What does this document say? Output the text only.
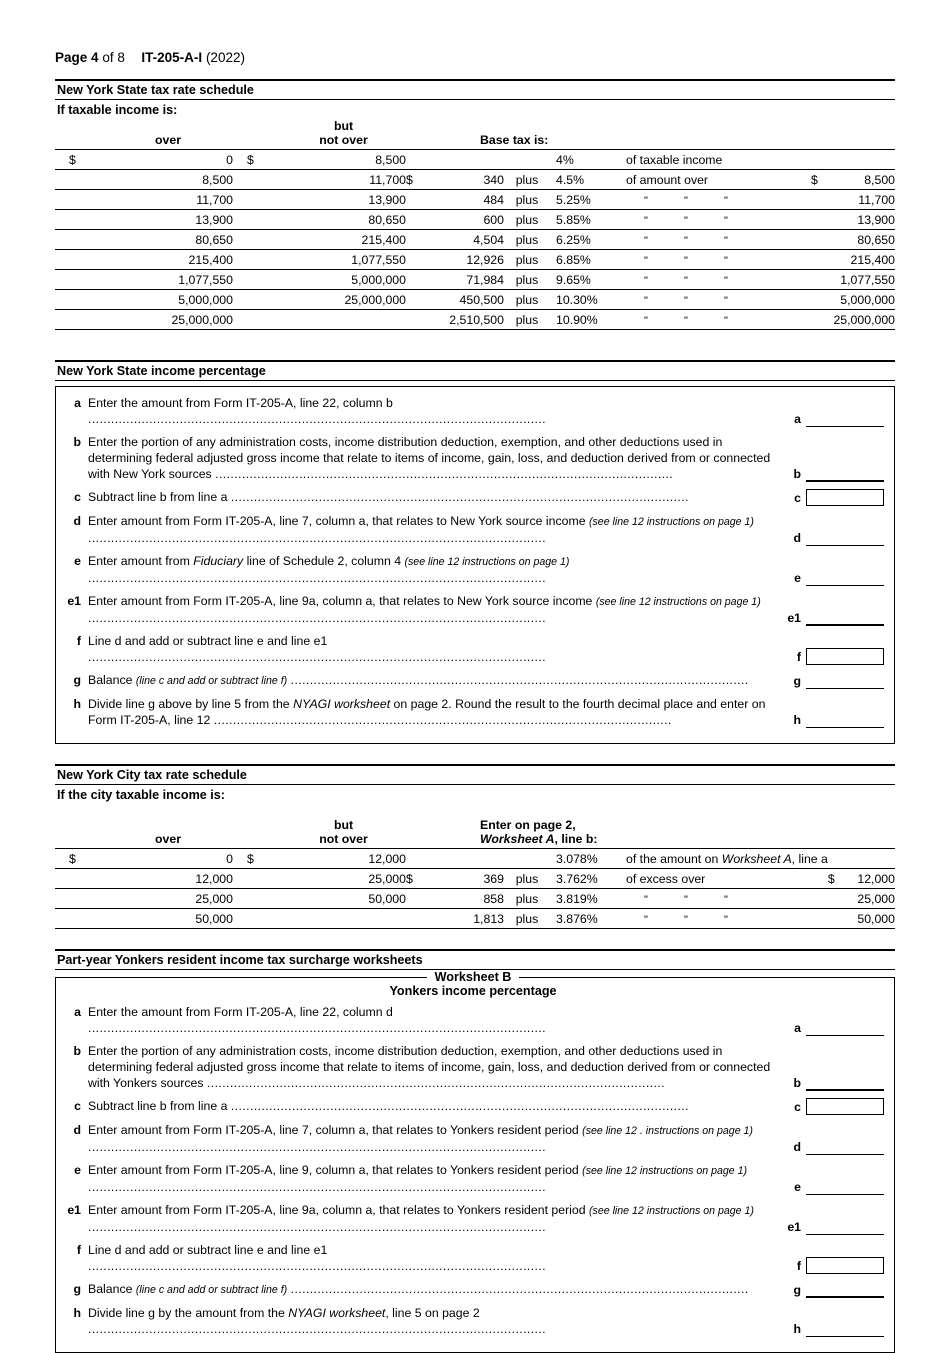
Page 4 of 8 IT-205-A-I (2022)
New York State tax rate schedule
If taxable income is:

	over		but
not over	Base tax is:						

$	0	$	8,500				4%	of taxable income		
	8,500		11,700	$	340	plus	4.5%	of amount over	$	8,500
	11,700		13,900		484	plus	5.25%	" " "		11,700
	13,900		80,650		600	plus	5.85%	" " "		13,900
	80,650		215,400		4,504	plus	6.25%	" " "		80,650
	215,400		1,077,550		12,926	plus	6.85%	" " "		215,400
	1,077,550		5,000,000		71,984	plus	9.65%	" " "		1,077,550
	5,000,000		25,000,000		450,500	plus	10.30%	" " "		5,000,000
	25,000,000				2,510,500	plus	10.90%	" " "		25,000,000
New York State income percentage
a Enter the amount from Form IT-205-A, line 22, column b ........................................................................................................................	a
b Enter the portion of any administration costs, income distribution deduction, exemption, and other deductions used in determining federal adjusted gross income that relate to items of income, gain, loss, and deduction derived from or connected with New York sources ........................................................................................................................	b
c Subtract line b from line a ........................................................................................................................	c
d Enter amount from Form IT-205-A, line 7, column a, that relates to New York source income (see line 12 instructions on page 1) ........................................................................................................................	d
e Enter amount from Fiduciary line of Schedule 2, column 4 (see line 12 instructions on page 1) ........................................................................................................................	e
e1 Enter amount from Form IT-205-A, line 9a, column a, that relates to New York source income (see line 12 instructions on page 1) ........................................................................................................................	e1
f Line d and add or subtract line e and line e1 ........................................................................................................................	f
g Balance (line c and add or subtract line f) ........................................................................................................................	g
h Divide line g above by line 5 from the NYAGI worksheet on page 2. Round the result to the fourth decimal place and enter on Form IT-205-A, line 12 ........................................................................................................................	h
New York City tax rate schedule
If the city taxable income is:

	over		but
not over	Enter on page 2, Worksheet A, line b:						

$	0	$	12,000				3.078%	of the amount on Worksheet A, line a		
	12,000		25,000	$	369	plus	3.762%	of excess over	$	12,000
	25,000		50,000		858	plus	3.819%	" " "		25,000
	50,000				1,813	plus	3.876%	" " "		50,000
Part-year Yonkers resident income tax surcharge worksheets
Worksheet B
Yonkers income percentage
a Enter the amount from Form IT-205-A, line 22, column d ........................................................................................................................	a
b Enter the portion of any administration costs, income distribution deduction, exemption, and other deductions used in determining federal adjusted gross income that relate to items of income, gain, loss, and deduction derived from or connected with Yonkers sources ........................................................................................................................	b
c Subtract line b from line a ........................................................................................................................	c
d Enter amount from Form IT-205-A, line 7, column a, that relates to Yonkers resident period (see line 12 . instructions on page 1) ........................................................................................................................	d
e Enter amount from Form IT-205-A, line 9, column a, that relates to Yonkers resident period (see line 12 instructions on page 1) ........................................................................................................................	e
e1 Enter amount from Form IT-205-A, line 9a, column a, that relates to Yonkers resident period (see line 12 instructions on page 1) ........................................................................................................................	e1
f Line d and add or subtract line e and line e1 ........................................................................................................................	f
g Balance (line c and add or subtract line f) ........................................................................................................................	g
h Divide line g by the amount from the NYAGI worksheet, line 5 on page 2 ........................................................................................................................	h
